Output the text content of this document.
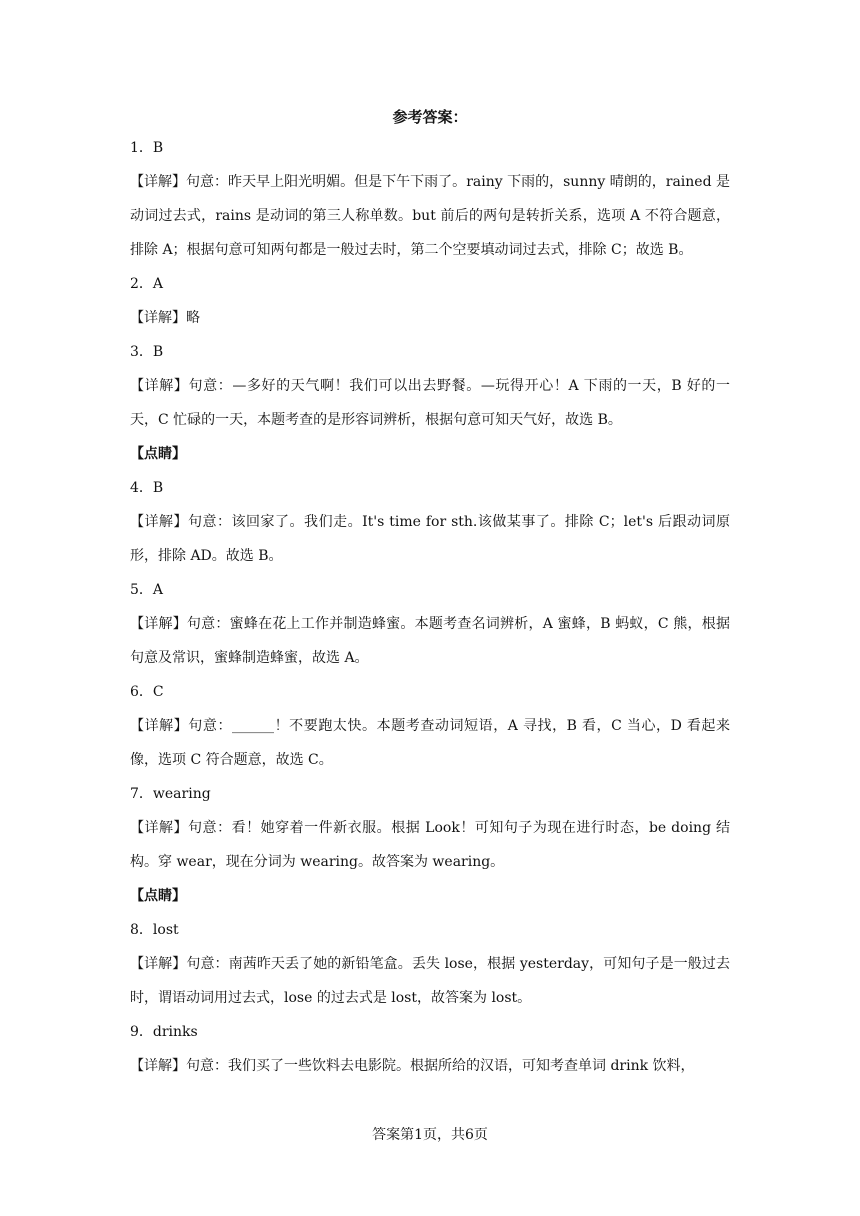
参考答案：
1．B
【详解】句意：昨天早上阳光明媚。但是下午下雨了。rainy 下雨的，sunny 晴朗的，rained 是动词过去式，rains 是动词的第三人称单数。but 前后的两句是转折关系，选项 A 不符合题意，排除 A；根据句意可知两句都是一般过去时，第二个空要填动词过去式，排除 C；故选 B。
2．A
【详解】略
3．B
【详解】句意：—多好的天气啊！我们可以出去野餐。—玩得开心！A 下雨的一天，B 好的一天，C 忙碌的一天，本题考查的是形容词辨析，根据句意可知天气好，故选 B。
【点睛】
4．B
【详解】句意：该回家了。我们走。It's time for sth.该做某事了。排除 C；let's 后跟动词原形，排除 AD。故选 B。
5．A
【详解】句意：蜜蜂在花上工作并制造蜂蜜。本题考查名词辨析，A 蜜蜂，B 蚂蚁，C 熊，根据句意及常识，蜜蜂制造蜂蜜，故选 A。
6．C
【详解】句意：______！不要跑太快。本题考查动词短语，A 寻找，B 看，C 当心，D 看起来像，选项 C 符合题意，故选 C。
7．wearing
【详解】句意：看！她穿着一件新衣服。根据 Look！可知句子为现在进行时态，be doing 结构。穿 wear，现在分词为 wearing。故答案为 wearing。
【点睛】
8．lost
【详解】句意：南茜昨天丢了她的新铅笔盒。丢失 lose，根据 yesterday，可知句子是一般过去时，谓语动词用过去式，lose 的过去式是 lost，故答案为 lost。
9．drinks
【详解】句意：我们买了一些饮料去电影院。根据所给的汉语，可知考查单词 drink 饮料，
答案第1页，共6页
